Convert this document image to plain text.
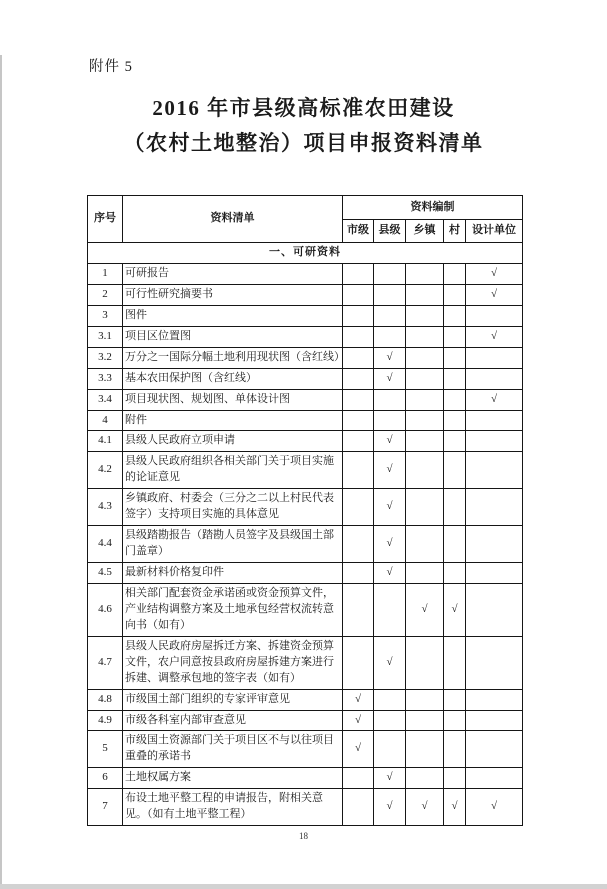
附件 5
2016 年市县级高标准农田建设
（农村土地整治）项目申报资料清单
序号	资料清单	资料编制				
		市级	县级	乡镇	村	设计单位
一、可研资料						
1	可研报告					√
2	可行性研究摘要书					√
3	图件					
3.1	项目区位置图					√
3.2	万分之一国际分幅土地利用现状图（含红线）		√			
3.3	基本农田保护图（含红线）		√			
3.4	项目现状图、规划图、单体设计图					√
4	附件					
4.1	县级人民政府立项申请		√			
4.2	县级人民政府组织各相关部门关于项目实施的论证意见		√			
4.3	乡镇政府、村委会（三分之二以上村民代表签字）支持项目实施的具体意见		√			
4.4	县级踏勘报告（踏勘人员签字及县级国土部门盖章）		√			
4.5	最新材料价格复印件		√			
4.6	相关部门配套资金承诺函或资金预算文件，产业结构调整方案及土地承包经营权流转意向书（如有）			√	√	
4.7	县级人民政府房屋拆迁方案、拆建资金预算文件，农户同意按县政府房屋拆建方案进行拆建、调整承包地的签字表（如有）		√			
4.8	市级国土部门组织的专家评审意见	√				
4.9	市级各科室内部审查意见	√				
5	市级国土资源部门关于项目区不与以往项目重叠的承诺书	√				
6	土地权属方案		√			
7	布设土地平整工程的申请报告，附相关意见。（如有土地平整工程）		√	√	√	√
18
